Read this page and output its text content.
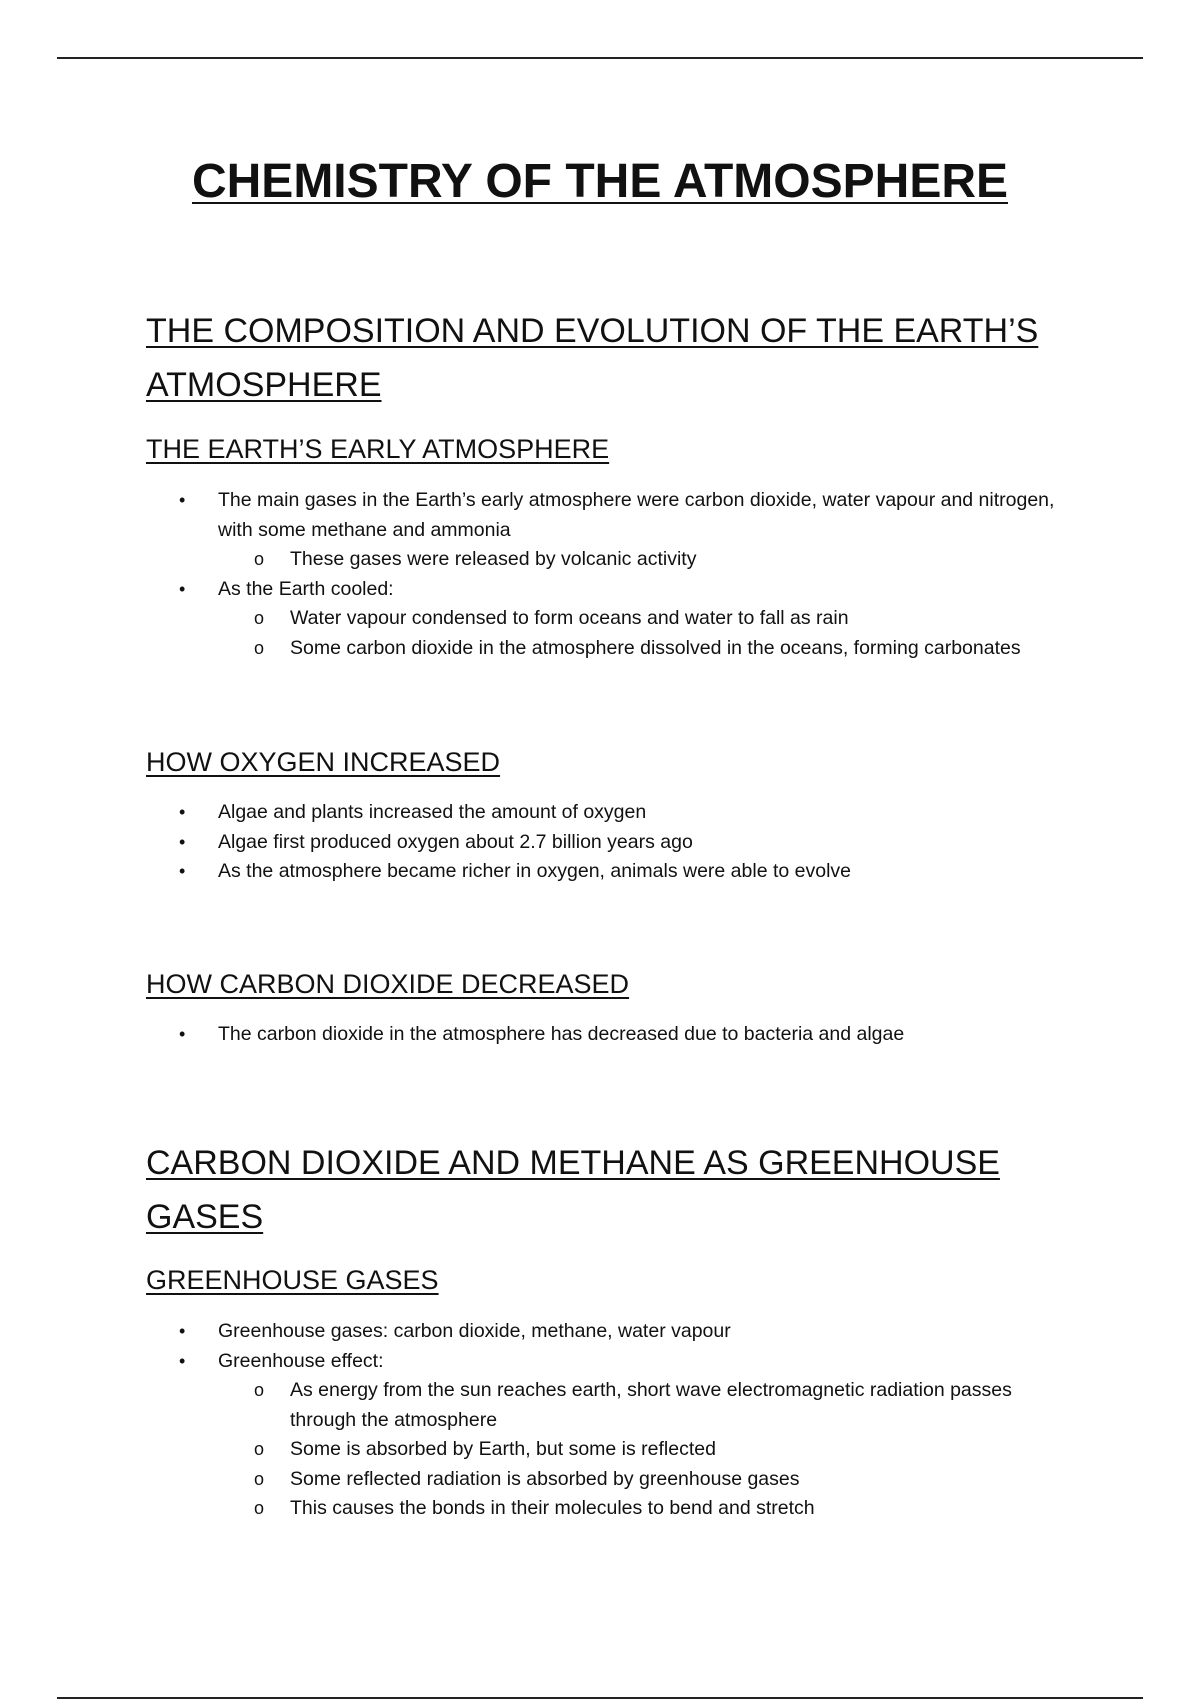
CHEMISTRY OF THE ATMOSPHERE
THE COMPOSITION AND EVOLUTION OF THE EARTH’S ATMOSPHERE
THE EARTH’S EARLY ATMOSPHERE
• The main gases in the Earth’s early atmosphere were carbon dioxide, water vapour and nitrogen, with some methane and ammonia
o These gases were released by volcanic activity
• As the Earth cooled:
o Water vapour condensed to form oceans and water to fall as rain
o Some carbon dioxide in the atmosphere dissolved in the oceans, forming carbonates
HOW OXYGEN INCREASED
• Algae and plants increased the amount of oxygen
• Algae first produced oxygen about 2.7 billion years ago
• As the atmosphere became richer in oxygen, animals were able to evolve
HOW CARBON DIOXIDE DECREASED
• The carbon dioxide in the atmosphere has decreased due to bacteria and algae
CARBON DIOXIDE AND METHANE AS GREENHOUSE GASES
GREENHOUSE GASES
• Greenhouse gases: carbon dioxide, methane, water vapour
• Greenhouse effect:
o As energy from the sun reaches earth, short wave electromagnetic radiation passes through the atmosphere
o Some is absorbed by Earth, but some is reflected
o Some reflected radiation is absorbed by greenhouse gases
o This causes the bonds in their molecules to bend and stretch
